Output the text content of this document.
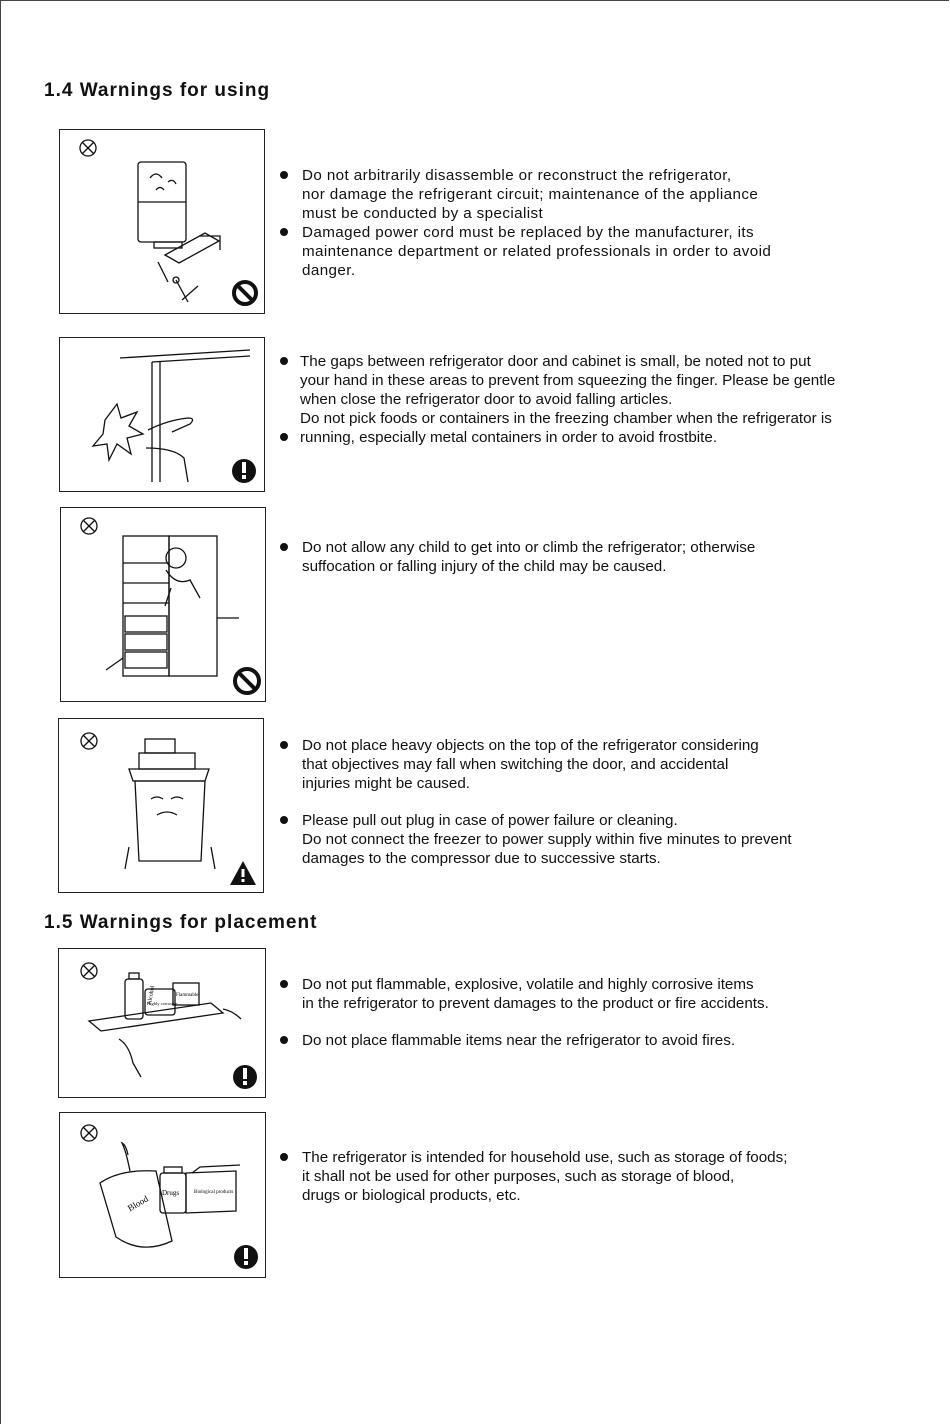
1.4 Warnings for using
Do not arbitrarily disassemble or reconstruct the refrigerator,
nor damage the refrigerant circuit; maintenance of the appliance
must be conducted by a specialist
Damaged power cord must be replaced by the manufacturer, its
maintenance department or related professionals in order to avoid
danger.
The gaps between refrigerator door and cabinet is small, be noted not to put
your hand in these areas to prevent from squeezing the finger. Please be gentle
when close the refrigerator door to avoid falling articles.
Do not pick foods or containers in the freezing chamber when the refrigerator is
running, especially metal containers in order to avoid frostbite.
Do not allow any child to get into or climb the refrigerator; otherwise
suffocation or falling injury of the child may be caused.
Do not place heavy objects on the top of the refrigerator considering
that objectives may fall when switching the door, and accidental
injuries might be caused.
Please pull out plug in case of power failure or cleaning.
Do not connect the freezer to power supply within five minutes to prevent
damages to the compressor due to successive starts.
1.5 Warnings for placement
Alcohol
Highly corrosive
Flammable
Do not put flammable, explosive, volatile and highly corrosive items
in the refrigerator to prevent damages to the product or fire accidents.
Do not place flammable items near the refrigerator to avoid fires.
Blood
Drugs	Biological products
The refrigerator is intended for household use, such as storage of foods;
it shall not be used for other purposes, such as storage of blood,
drugs or biological products, etc.
